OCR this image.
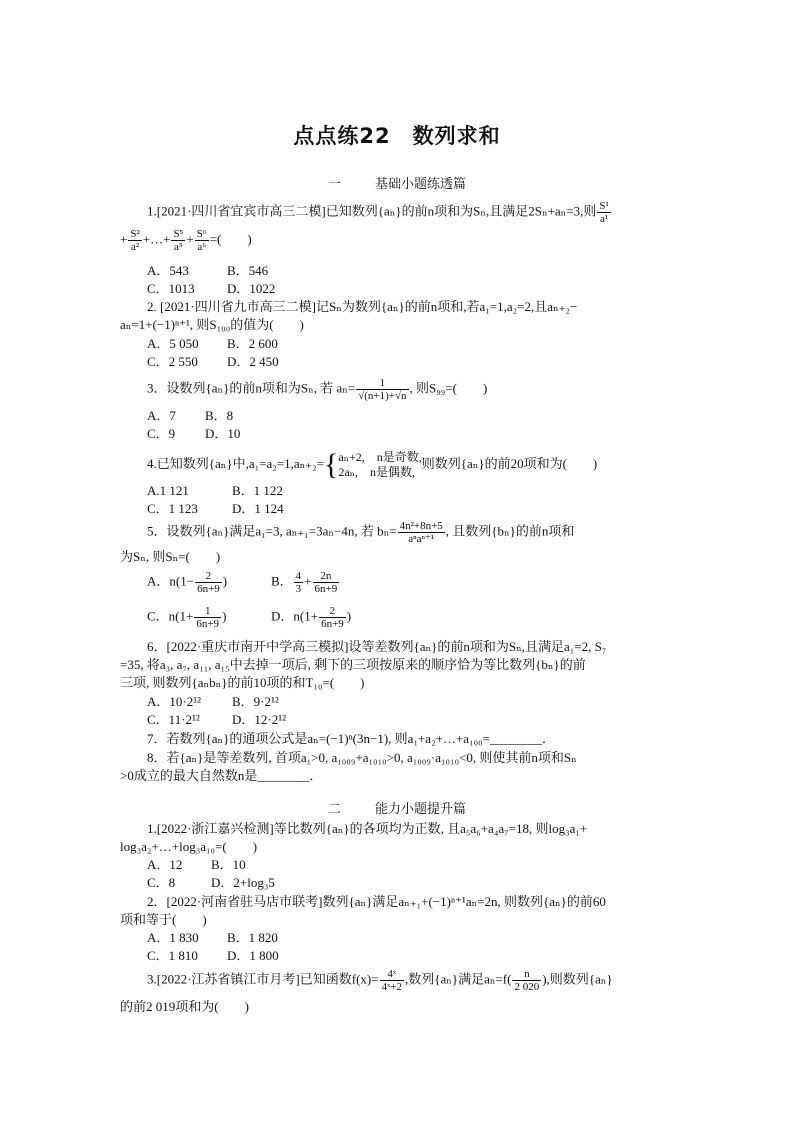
点点练22　数列求和
一	基础小题练透篇
1.[2021·四川省宜宾市高三二模]已知数列{aₙ}的前n项和为Sₙ,且满足2Sₙ+aₙ=3,则 $\frac{\text{S¹}}{\text{a¹}}$
+ $\frac{\text{S²}}{\text{a²}}$ +…+ $\frac{\text{S⁵}}{\text{a⁵}} + \frac{\text{S⁶}}{\text{a⁶}}$ =(　　)
A．543	B．546
C．1013 D．1022
2. [2021·四川省九市高三二模]记Sₙ为数列{aₙ}的前n项和,若a₁=1,a₂=2,且aₙ₊₂−
aₙ=1+(−1)ⁿ⁺¹, 则S₁₀₀的值为(　　)
A．5 050 B．2 600
C．2 550 D．2 450
3．设数列{aₙ}的前n项和为Sₙ, 若 $a_n= \frac{1}{√(n+1)+√n}$ , 则S₉₉=(　　)
A．7 B．8
C．9 D．10
4.已知数列{aₙ}中,a₁=a₂=1,aₙ₊₂={ aₙ+2,　n是奇数,
2aₙ,　n是偶数,
则数列{aₙ}的前20项和为(　　)
A.1 121	B．1 122
C．1 123	D．1 124
5．设数列{aₙ}满足a₁=3, aₙ₊₁=3aₙ−4n, 若 $b_n= \frac{\text{4n²+8n+5}}{\text{aⁿaⁿ⁺¹}}$ , 且数列{bₙ}的前n项和
为Sₙ, 则Sₙ=(　　)
A．$n(1- \frac{2}{6n+9}$ )	B． $\frac{4}{3} + \frac{2n}{6n+9}$
C．$n(1+ \frac{1}{6n+9}$ )	D．$n(1+ \frac{2}{6n+9}$ )
6．[2022·重庆市南开中学高三模拟]设等差数列{aₙ}的前n项和为Sₙ,且满足a₁=2, S₇
=35, 将a₃, a₇, a₁₁, a₁₅中去掉一项后, 剩下的三项按原来的顺序恰为等比数列{bₙ}的前
三项, 则数列{aₙbₙ}的前10项的和T₁₀=(　　)
A．10·2¹² B．9·2¹²
C．11·2¹² D．12·2¹²
7．若数列{aₙ}的通项公式是aₙ=(−1)ⁿ(3n−1), 则a₁+a₂+…+a₁₀₀=________．
8．若{aₙ}是等差数列, 首项a₁>0, a₁₀₀₉+a₁₀₁₀>0, a₁₀₀₉·a₁₀₁₀<0, 则使其前n项和Sₙ
>0成立的最大自然数n是________．
二	能力小题提升篇
1.[2022·浙江嘉兴检测]等比数列{aₙ}的各项均为正数, 且a₅a₆+a₄a₇=18, 则log₃a₁+
log₃a₂+…+log₃a₁₀=(　　)
A．12 B．10
C．8	D．2+log₃5
2．[2022·河南省驻马店市联考]数列{aₙ}满足aₙ₊₁+(−1)ⁿ⁺¹aₙ=2n, 则数列{aₙ}的前60
项和等于(　　)
A．1 830 B．1 820
C．1 810 D．1 800
3.[2022·江苏省镇江市月考]已知函数$f(x)= \frac{\text{4ˣ}}{\text{4ˣ+2}}$ ,数列{aₙ}满足$a_n=f( \frac{n}{2 020}$ ),则数列{aₙ}
的前2 019项和为(　　)
